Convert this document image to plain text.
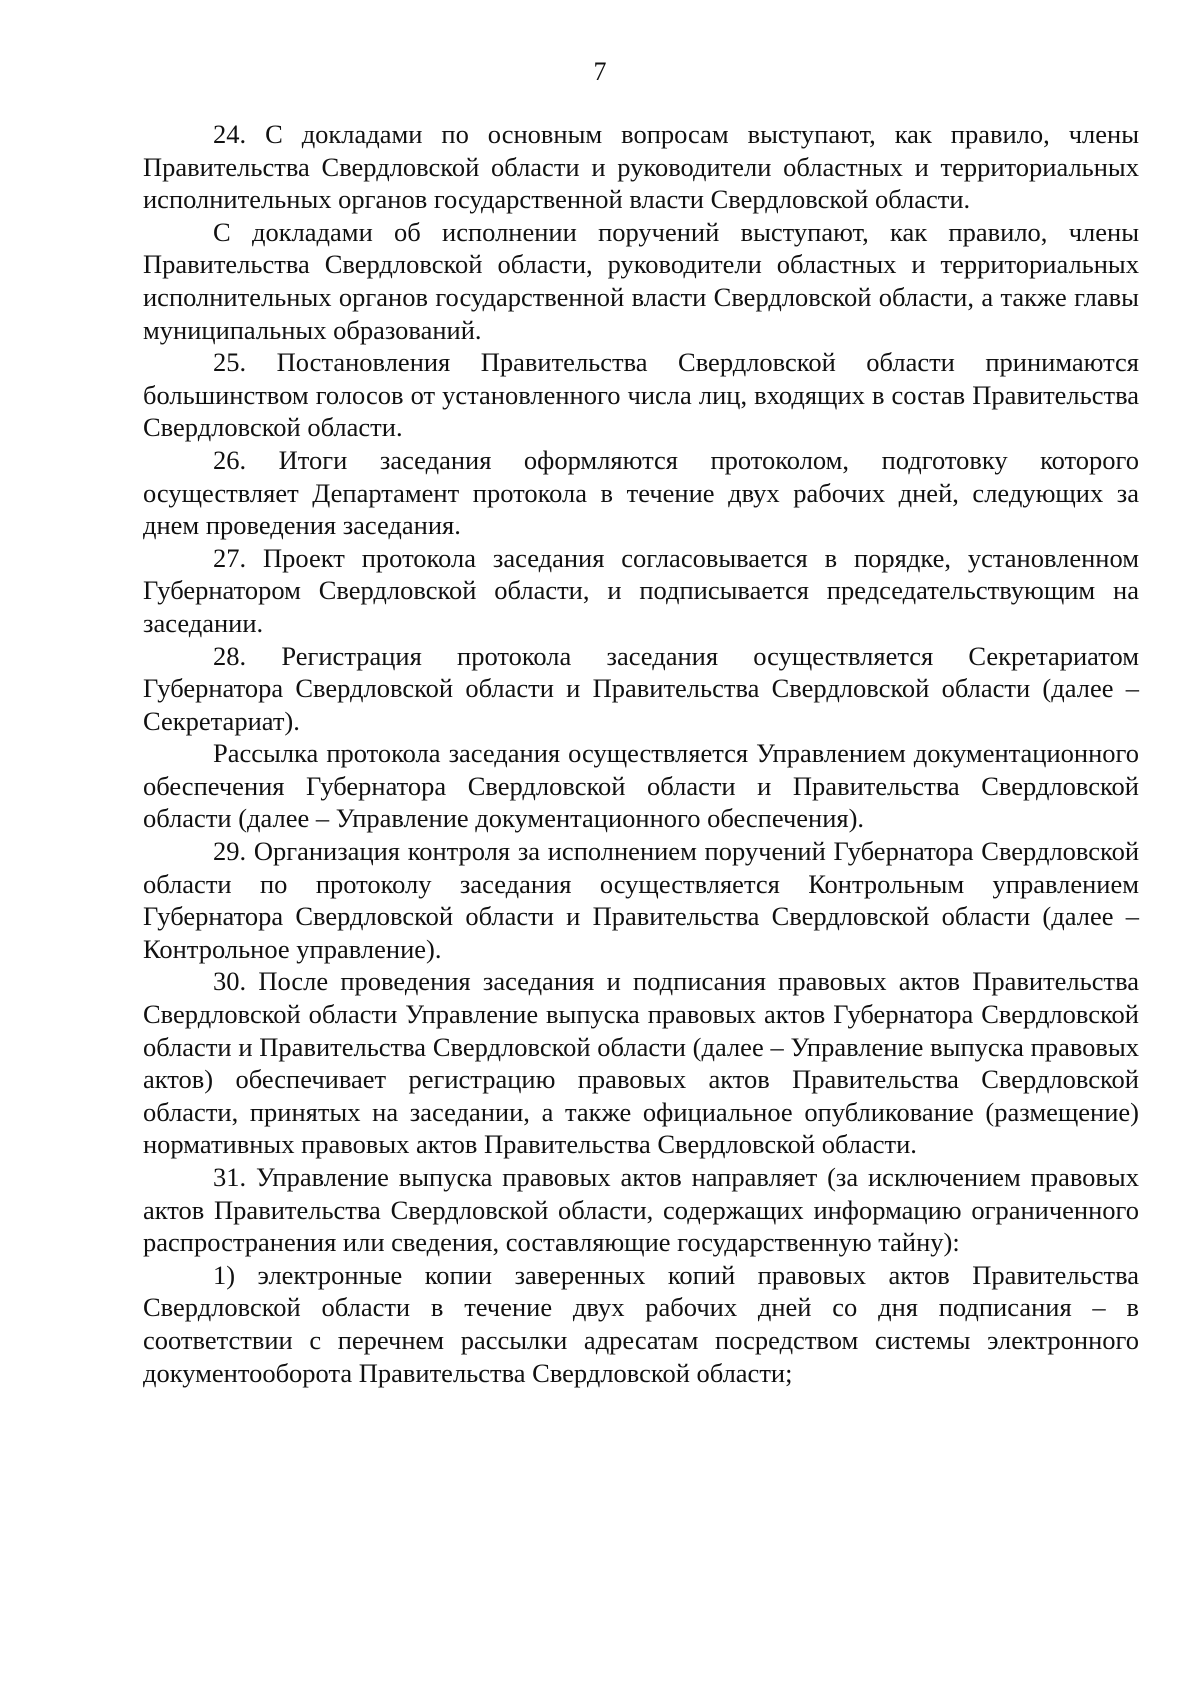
7

24. С докладами по основным вопросам выступают, как правило, члены Правительства Свердловской области и руководители областных и территориальных исполнительных органов государственной власти Свердловской области.

С докладами об исполнении поручений выступают, как правило, члены Правительства Свердловской области, руководители областных и территориальных исполнительных органов государственной власти Свердловской области, а также главы муниципальных образований.

25. Постановления Правительства Свердловской области принимаются большинством голосов от установленного числа лиц, входящих в состав Правительства Свердловской области.

26. Итоги заседания оформляются протоколом, подготовку которого осуществляет Департамент протокола в течение двух рабочих дней, следующих за днем проведения заседания.

27. Проект протокола заседания согласовывается в порядке, установленном Губернатором Свердловской области, и подписывается председательствующим на заседании.

28. Регистрация протокола заседания осуществляется Секретариатом Губернатора Свердловской области и Правительства Свердловской области (далее – Секретариат).

Рассылка протокола заседания осуществляется Управлением документационного обеспечения Губернатора Свердловской области и Правительства Свердловской области (далее – Управление документационного обеспечения).

29. Организация контроля за исполнением поручений Губернатора Свердловской области по протоколу заседания осуществляется Контрольным управлением Губернатора Свердловской области и Правительства Свердловской области (далее – Контрольное управление).

30. После проведения заседания и подписания правовых актов Правительства Свердловской области Управление выпуска правовых актов Губернатора Свердловской области и Правительства Свердловской области (далее – Управление выпуска правовых актов) обеспечивает регистрацию правовых актов Правительства Свердловской области, принятых на заседании, а также официальное опубликование (размещение) нормативных правовых актов Правительства Свердловской области.

31. Управление выпуска правовых актов направляет (за исключением правовых актов Правительства Свердловской области, содержащих информацию ограниченного распространения или сведения, составляющие государственную тайну):

1) электронные копии заверенных копий правовых актов Правительства Свердловской области в течение двух рабочих дней со дня подписания – в соответствии с перечнем рассылки адресатам посредством системы электронного документооборота Правительства Свердловской области;
